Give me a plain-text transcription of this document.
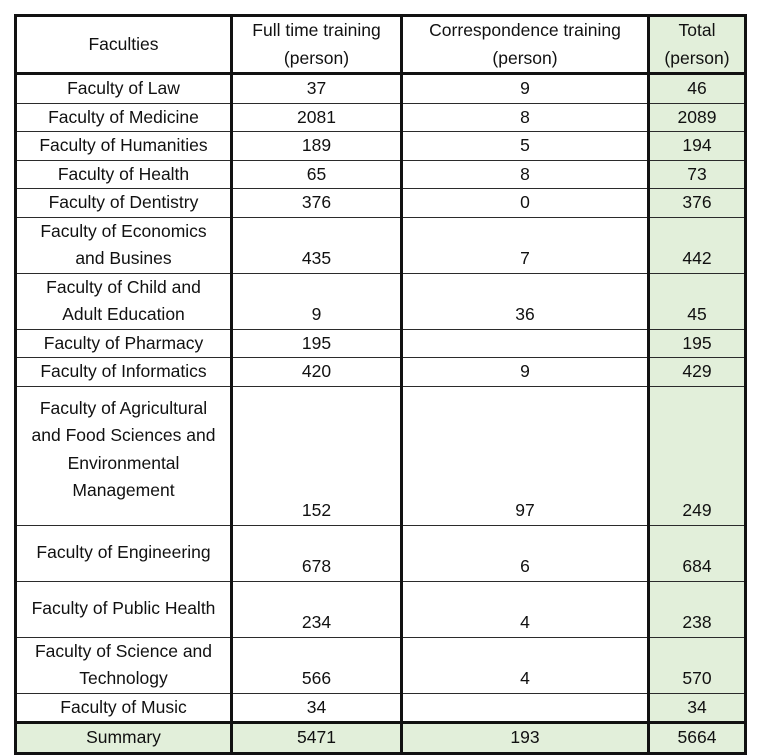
Faculties	Full time training	Correspondence training	Total
	(person)	(person)	(person)

Faculty of Law	37	9	46

Faculty of Medicine	2081	8	2089

Faculty of Humanities	189	5	194

Faculty of Health	65	8	73

Faculty of Dentistry	376	0	376

Faculty of Economics
and Busines	435	7	442

Faculty of Child and
Adult Education	9	36	45

Faculty of Pharmacy	195		195

Faculty of Informatics	420	9	429

Faculty of Agricultural
and Food Sciences and
Environmental
Management	152	97	249

Faculty of Engineering	678	6	684

Faculty of Public Health	234	4	238

Faculty of Science and
Technology	566	4	570

Faculty of Music	34		34
Summary	5471	193	5664
